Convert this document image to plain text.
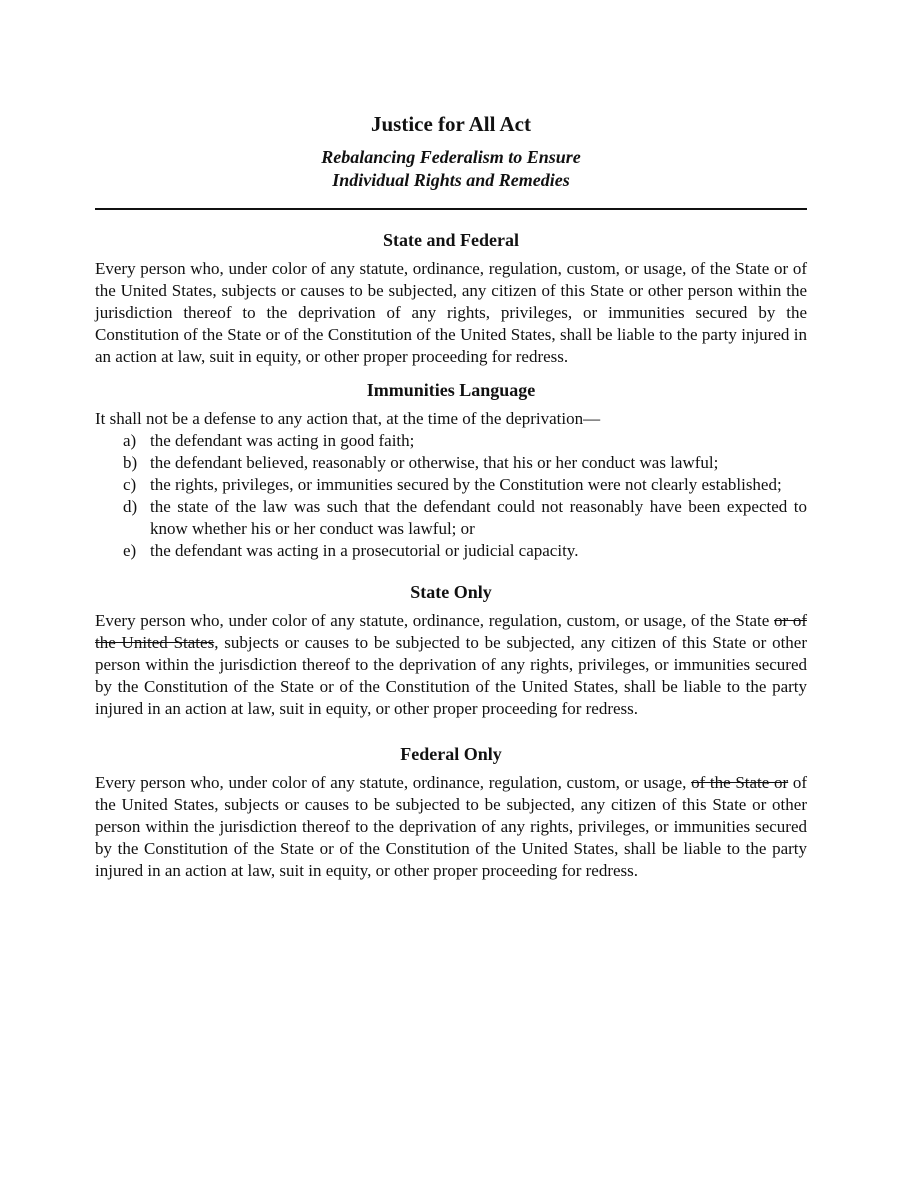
Justice for All Act
Rebalancing Federalism to Ensure
Individual Rights and Remedies
State and Federal

Every person who, under color of any statute, ordinance, regulation, custom, or usage, of the State or of the United States, subjects or causes to be subjected, any citizen of this State or other person within the jurisdiction thereof to the deprivation of any rights, privileges, or immunities secured by the Constitution of the State or of the Constitution of the United States, shall be liable to the party injured in an action at law, suit in equity, or other proper proceeding for redress.

Immunities Language

It shall not be a defense to any action that, at the time of the deprivation—

a) the defendant was acting in good faith;
b) the defendant believed, reasonably or otherwise, that his or her conduct was lawful;
c) the rights, privileges, or immunities secured by the Constitution were not clearly established;
d) the state of the law was such that the defendant could not reasonably have been expected to know whether his or her conduct was lawful; or
e) the defendant was acting in a prosecutorial or judicial capacity.
State Only

Every person who, under color of any statute, ordinance, regulation, custom, or usage, of the State or of the United States, subjects or causes to be subjected to be subjected, any citizen of this State or other person within the jurisdiction thereof to the deprivation of any rights, privileges, or immunities secured by the Constitution of the State or of the Constitution of the United States, shall be liable to the party injured in an action at law, suit in equity, or other proper proceeding for redress.

Federal Only

Every person who, under color of any statute, ordinance, regulation, custom, or usage, of the State or of the United States, subjects or causes to be subjected to be subjected, any citizen of this State or other person within the jurisdiction thereof to the deprivation of any rights, privileges, or immunities secured by the Constitution of the State or of the Constitution of the United States, shall be liable to the party injured in an action at law, suit in equity, or other proper proceeding for redress.
